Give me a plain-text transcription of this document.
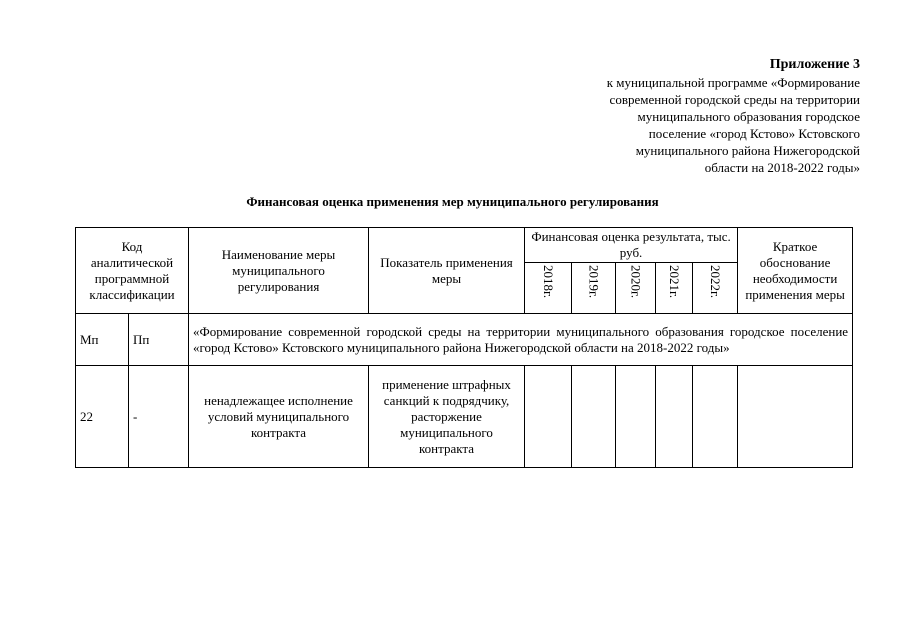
Приложение 3
к муниципальной программе «Формирование
современной городской среды на территории
муниципального образования городское
поселение «город Кстово» Кстовского
муниципального района Нижегородской
области на 2018-2022 годы»
Финансовая оценка применения мер муниципального регулирования
Код аналитической программной классификации		Наименование меры муниципального регулирования	Показатель применения меры	Финансовая оценка результата, тыс. руб.					Краткое обоснование необходимости применения меры
				2018г.	2019г.	2020г.	2021г.	2022г.	
Мп	Пп	«Формирование современной городской среды на территории муниципального образования городское поселение «город Кстово» Кстовского муниципального района Нижегородской области на 2018-2022 годы»							
22	-	ненадлежащее исполнение условий муниципального контракта	применение штрафных санкций к подрядчику, расторжение муниципального контракта						
